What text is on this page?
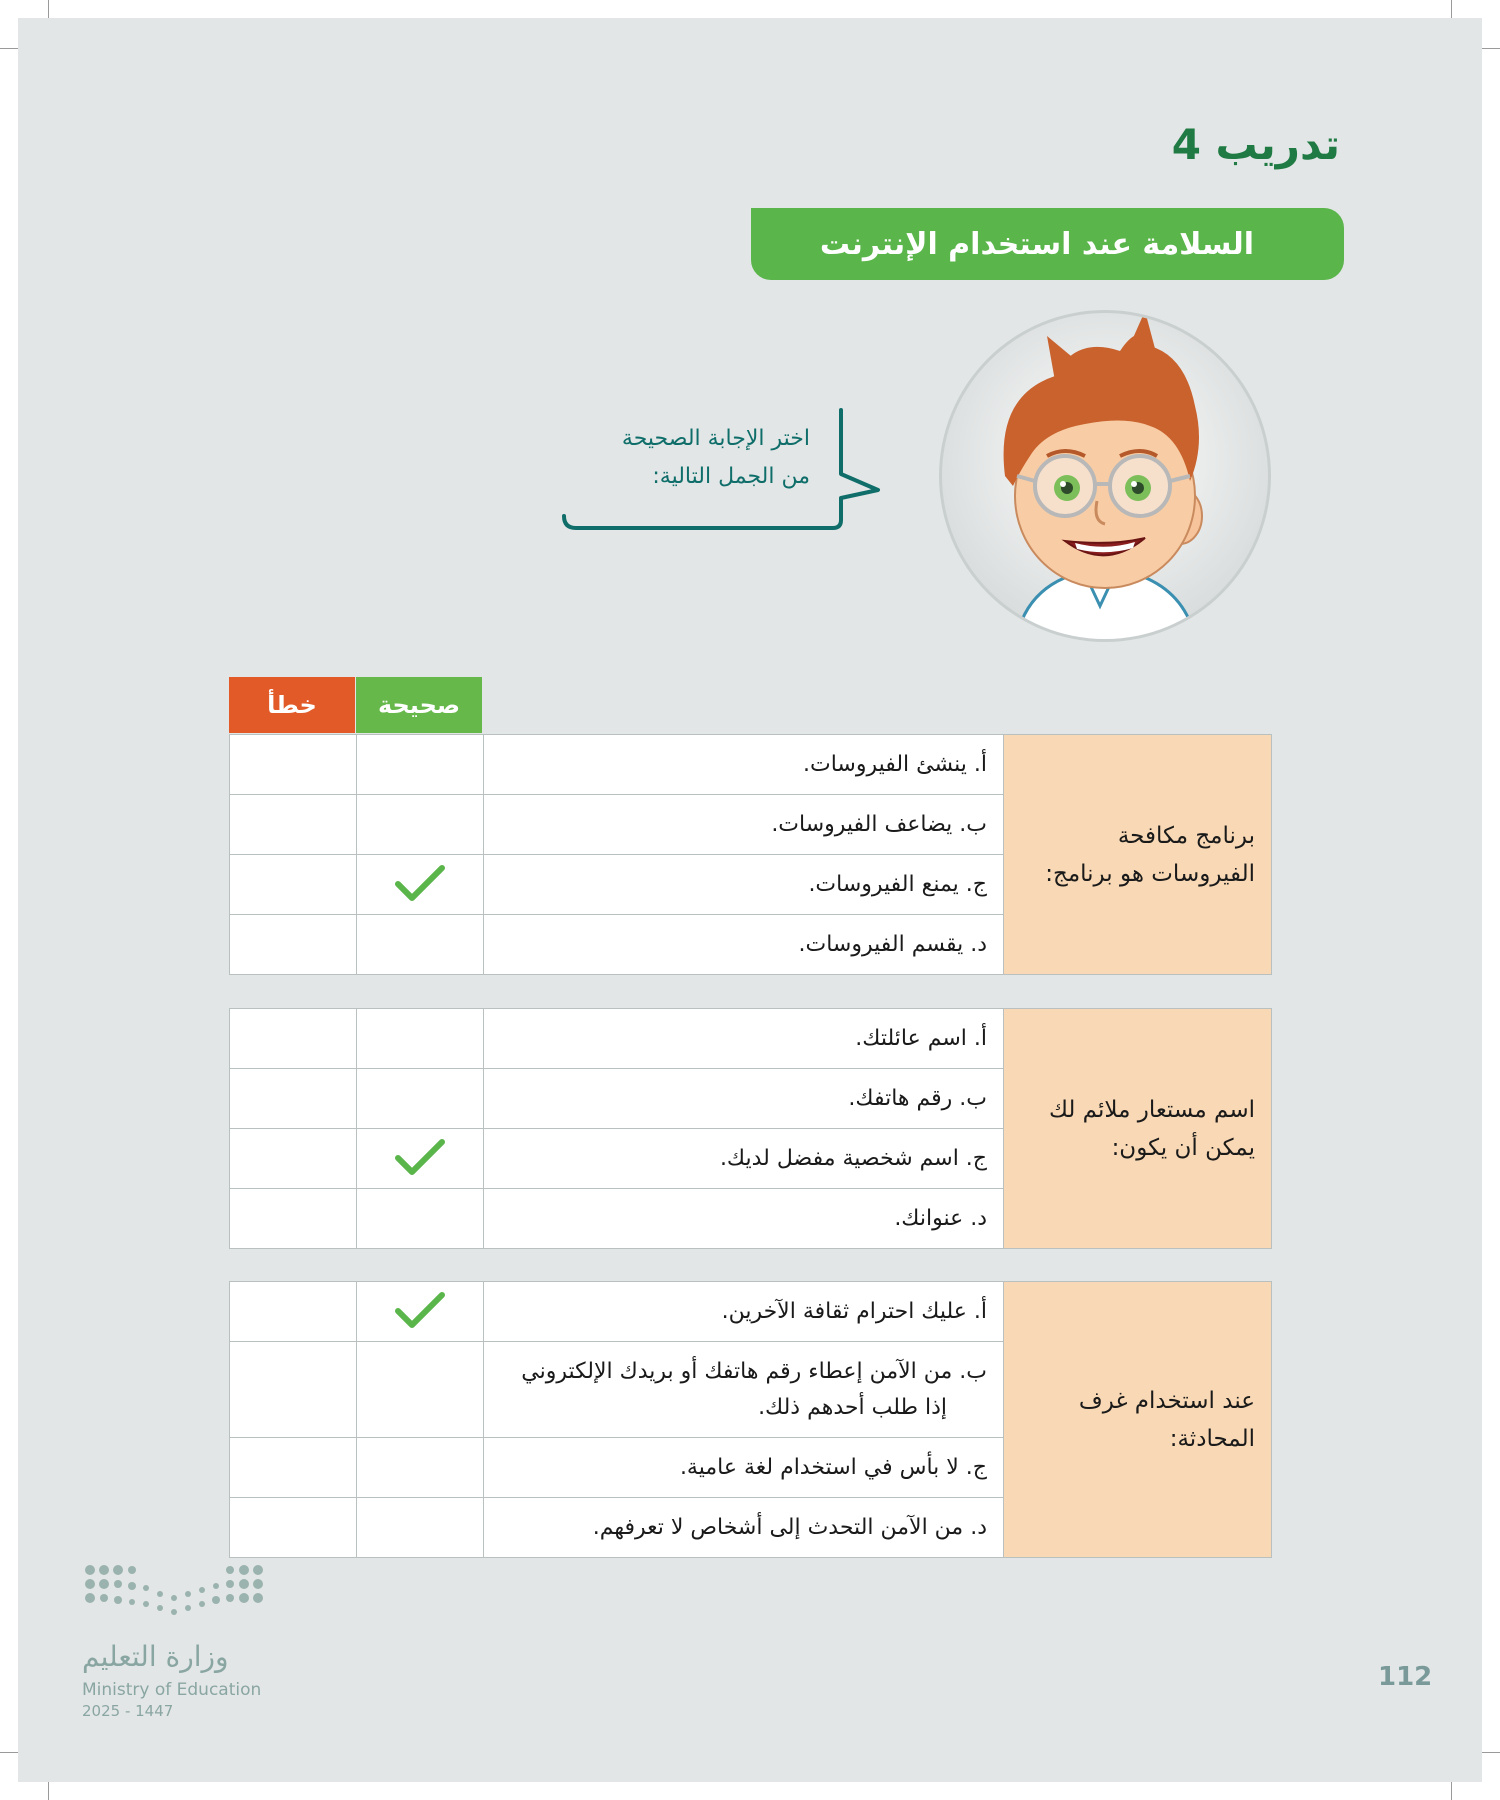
تدريب 4
السلامة عند استخدام الإنترنت
اختر الإجابة الصحيحة
من الجمل التالية:
خطأ	صحيحة
		أ. ينشئ الفيروسات.	برنامج مكافحة
الفيروسات هو برنامج:

		ب. يضاعف الفيروسات.	
		ج. يمنع الفيروسات.	
		د. يقسم الفيروسات.	
		أ. اسم عائلتك.	اسم مستعار ملائم لك
يمكن أن يكون:

		ب. رقم هاتفك.	
		ج. اسم شخصية مفضل لديك.	
		د. عنوانك.	
		أ. عليك احترام ثقافة الآخرين.	عند استخدام غرف
المحادثة:

		ب. من الآمن إعطاء رقم هاتفك أو بريدك الإلكتروني
إذا طلب أحدهم ذلك.	

		ج. لا بأس في استخدام لغة عامية.	
		د. من الآمن التحدث إلى أشخاص لا تعرفهم.	
وزارة التعليم
Ministry of Education
2025 - 1447
112
